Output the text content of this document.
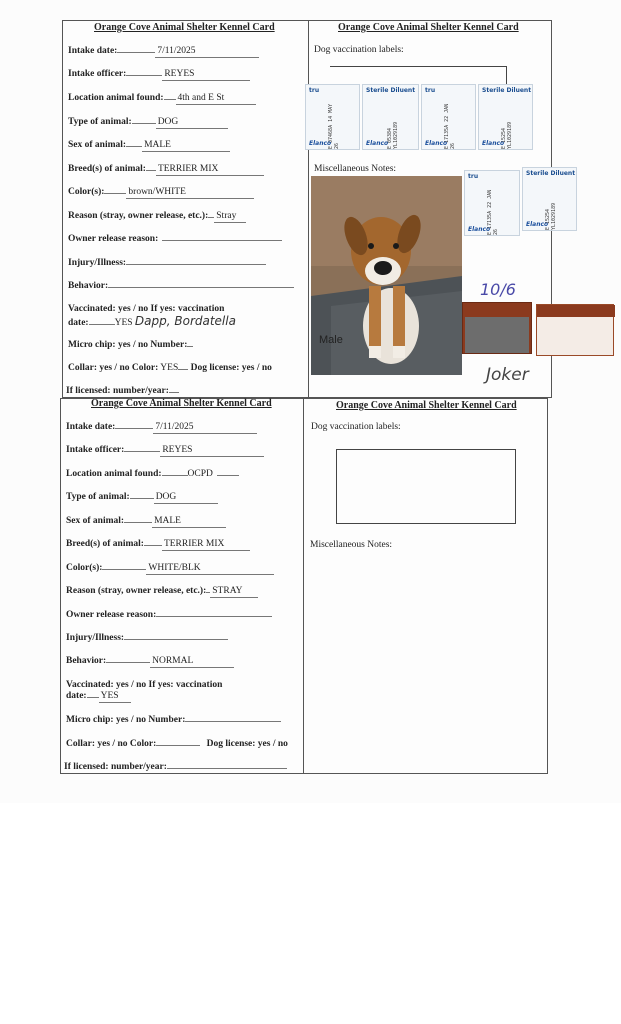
Orange Cove Animal Shelter Kennel Card	Orange Cove Animal Shelter Kennel Card
Intake date:	7/11/2025
Intake officer:	REYES
Location animal found: 4th and E St
Type of animal:	DOG
Sex of animal: MALE
Breed(s) of animal: TERRIER MIX
Color(s):	brown/WHITE
Reason (stray, owner release, etc.): Stray
Owner release reason:
Injury/Illness:
Behavior:
Vaccinated: yes / no If yes: vaccination
date:	YES Dapp, Bordatella
Micro chip: yes / no Number:
Collar: yes / no Color: YES Dog license: yes / no
If licensed: number/year:
Dog vaccination labels:
tru
E 07468A 14 MAY 26
Elanco
Sterile Diluent
E 05384 YL1029189
Elanco
tru
E 17135A 22 JAN 26
Elanco
Sterile Diluent
E 15254 YL1029189
Elanco
Miscellaneous Notes:
Male
tru
E 17135A 22 JAN 26
Elanco
Sterile Diluent
E 15254 YL1029189
Elanco
10/6
Joker
Orange Cove Animal Shelter Kennel Card	Orange Cove Animal Shelter Kennel Card
Intake date:	7/11/2025
Intake officer:	REYES
Location animal found:	OCPD
Type of animal:	DOG
Sex of animal:	MALE
Breed(s) of animal: TERRIER MIX
Color(s):	WHITE/BLK
Reason (stray, owner release, etc.): STRAY
Owner release reason:
Injury/Illness:
Behavior:	NORMAL
Vaccinated: yes / no If yes: vaccination
date: YES
Micro chip: yes / no Number:
Collar: yes / no Color:	Dog license: yes / no
If licensed: number/year:
Dog vaccination labels:
Miscellaneous Notes:
